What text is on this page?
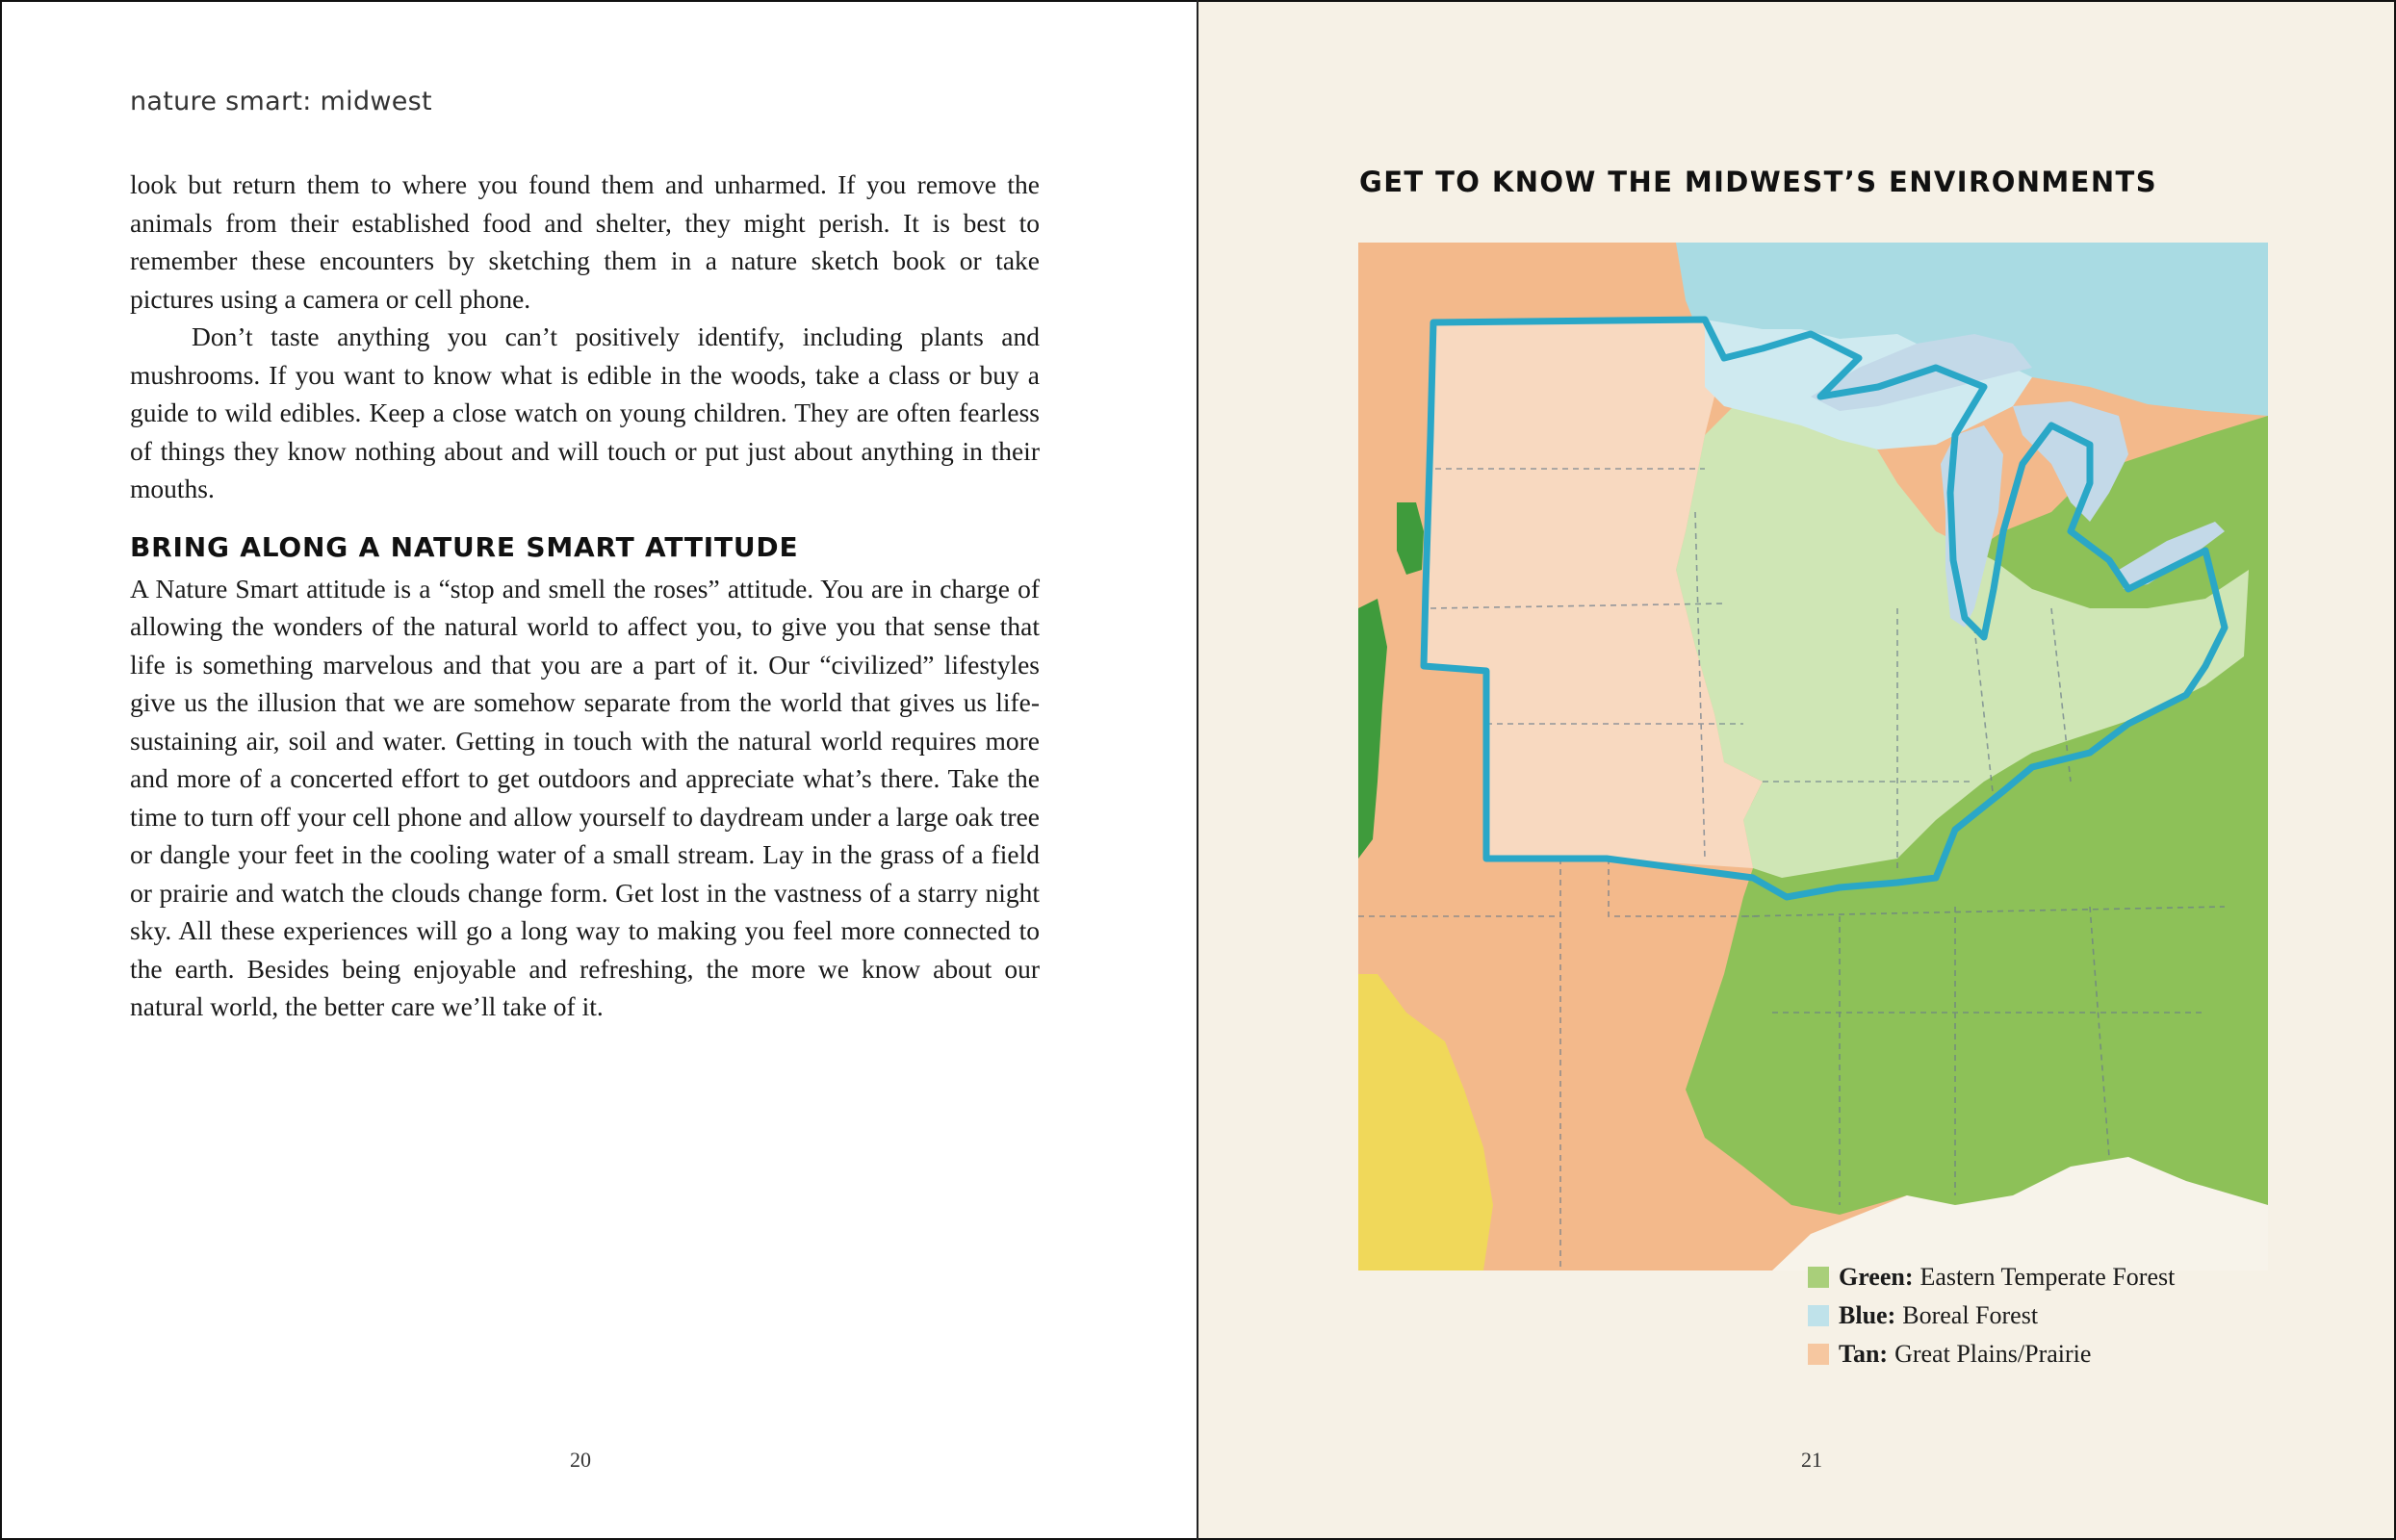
nature smart: midwest

look but return them to where you found them and unharmed. If you remove the animals from their established food and shelter, they might perish. It is best to remember these encounters by sketching them in a nature sketch book or take pictures using a camera or cell phone.

Don’t taste anything you can’t positively identify, including plants and mushrooms. If you want to know what is edible in the woods, take a class or buy a guide to wild edibles. Keep a close watch on young children. They are often fearless of things they know nothing about and will touch or put just about anything in their mouths.

BRING ALONG A NATURE SMART ATTITUDE

A Nature Smart attitude is a “stop and smell the roses” attitude. You are in charge of allowing the wonders of the natural world to affect you, to give you that sense that life is something marvelous and that you are a part of it. Our “civilized” lifestyles give us the illusion that we are somehow separate from the world that gives us life-sustaining air, soil and water. Getting in touch with the natural world requires more and more of a concerted effort to get outdoors and appreciate what’s there. Take the time to turn off your cell phone and allow yourself to daydream under a large oak tree or dangle your feet in the cooling water of a small stream. Lay in the grass of a field or prairie and watch the clouds change form. Get lost in the vastness of a starry night sky. All these experiences will go a long way to making you feel more connected to the earth. Besides being enjoyable and refreshing, the more we know about our natural world, the better care we’ll take of it.

20
GET TO KNOW THE MIDWEST’S ENVIRONMENTS
Green: Eastern Temperate Forest
Blue: Boreal Forest
Tan: Great Plains/Prairie
21
